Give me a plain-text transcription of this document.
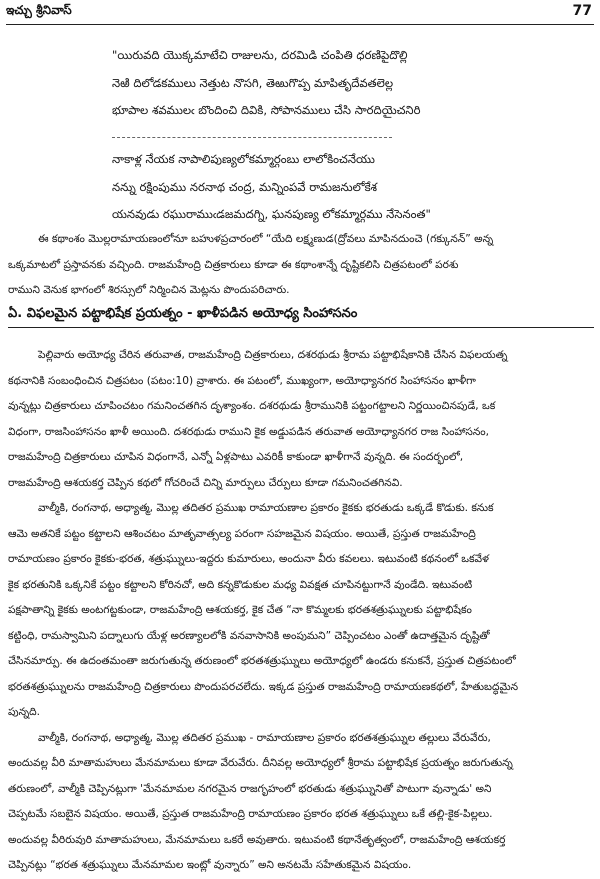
ఇచ్చు శ్రీనివాస్	77

"యిరువది యొక్కమాటేచి రాజులను, దరమిడి చంపితి ధరణిపైదొల్లి

నెఱి దిలోడకములు నెత్తుట నొసగి, తెఱుగొప్ప మాపితృదేవతలెల్ల

భూపాల శవములఁ బొందించి దివికి, సోపానములు చేసి సారదియైచనిరి

నాకాళ్ల నేయక నాపాలిపుణ్యలోకమ్మార్గంబు లాలోకించనేయు

నన్ను రక్షింపుము నరనాథ చంద్ర, మన్నింపవే రామజనులోకేశ

యనవుడు రఘురాముఁడజమదగ్ని, ఘనపుణ్య లోకమ్మార్గము నేసెనంత"

ఈ కథాంశం మొల్లరామాయణంలోనూ బహుళప్రచారంలో “యేది లక్ష్మణుడ(ద్రోవలు మాపినదుంచె (గక్కునన్” అన్న
ఒక్కమాటలో ప్రస్తావనకు వచ్చింది. రాజమహేంద్రి చిత్రకారులు కూడా ఈ కథాంశాన్నే దృష్టికలిసి చిత్రపటంలో పరశు
రాముని వెనుక భాగంలో శిరస్సులో నిర్మించిన మెట్లను పొందుపరిచారు.
ఏ. విఫలమైన పట్టాభిషేక ప్రయత్నం - ఖాళీపడిన అయోధ్య సింహాసనం
పెల్లివారు అయోధ్య చేరిన తరువాత, రాజమహేంద్రి చిత్రకారులు, దశరథుడు శ్రీరామ పట్టాభిషేకానికి చేసిన విఫలయత్న
కథనానికి సంబంధించిన చిత్రపటం (పటం:10) వ్రాశారు. ఈ పటంలో, ముఖ్యంగా, అయోధ్యానగర సింహాసనం ఖాళీగా
వున్నట్లు చిత్రకారులు చూపించటం గమనించతగిన దృశ్యాంశం. దశరథుడు శ్రీరామునికి పట్టంగట్టాలని నిర్ణయించినపుడే, ఒక
విధంగా, రాజసింహాసనం ఖాళీ అయింది. దశరథుడు రాముని కైక అడ్డుపడిన తరువాత అయోధ్యానగర రాజ సింహాసనం,
రాజమహేంద్రి చిత్రకారులు చూపిన విధంగానే, ఎన్నో ఏళ్లపాటు ఎవరికీ కాకుండా ఖాళీగానే వున్నది. ఈ సందర్భంలో,
రాజమహేంద్రి ఆశయకర్త చెప్పిన కథలో గోచరించే చిన్ని మార్పులు చేర్పులు కూడా గమనించతగినవి.
వాల్మీకి, రంగనాథ, అధ్యాత్మ, మొల్ల తదితర ప్రముఖ రామాయణాల ప్రకారం కైకకు భరతుడు ఒక్కడే కొడుకు. కనుక
ఆమె అతనికే పట్టం కట్టాలని ఆశించటం మాతృవాత్సల్య పరంగా సహజమైన విషయం. అయితే, ప్రస్తుత రాజమహేంద్రి
రామాయణం ప్రకారం కైకకు-భరత, శత్రుఘ్నులు-ఇద్దరు కుమారులు, అందునా వీరు కవలలు. ఇటువంటి కథనంలో ఒకవేళ
కైక భరతునికి ఒక్కనికే పట్టం కట్టాలని కోరినచో, అది కన్నకొడుకుల మధ్య వివక్షత చూపినట్టుగానే వుండేది. ఇటువంటి
పక్షపాతాన్ని కైకకు అంటగట్టకుండా, రాజమహేంద్రి ఆశయకర్త, కైక చేత “నా కొమ్మలకు భరతశత్రుఘ్నులకు పట్టాభిషేకం
కట్టింధి, రామస్వామిని పద్నాలుగు యేళ్ల అరణ్యాలలోకి వనవాసానికి అంపుమని” చెప్పించటం ఎంతో ఉదాత్తమైన దృష్టితో
చేసినమార్పు. ఈ ఉదంతమంతా జరుగుతున్న తరుణంలో భరతశత్రుఘ్నులు అయోధ్యలో ఉండరు కనుకనే, ప్రస్తుత చిత్రపటంలో
భరతశత్రుఘ్నులను రాజమహేంద్రి చిత్రకారులు పొందుపరచలేదు. ఇక్కడ ప్రస్తుత రాజమహేంద్రి రామాయణకథలో, హేతుబద్ధమైన
పున్నది.
వాల్మీకి, రంగనాథ, అధ్యాత్మ, మొల్ల తదితర ప్రముఖ - రామాయణాల ప్రకారం భరతశత్రుఘ్నుల తల్లులు వేరువేరు,
అందువల్ల వీరి మాతామహులు మేనమామలు కూడా వేరువేరు. దీనివల్ల అయోధ్యలో శ్రీరామ పట్టాభిషేక ప్రయత్నం జరుగుతున్న
తరుణంలో, వాల్మీకి చెప్పినట్లుగా 'మేనమామల నగరమైన రాజగృహంలో భరతుడు శత్రుఘ్నునితో పాటుగా వున్నాడు' అని
చెప్పటమే సబబైన విషయం. అయితే, ప్రస్తుత రాజమహేంద్రి రామాయణం ప్రకారం భరత శత్రుఘ్నులు ఒకే తల్లి-కైక-పిల్లలు.
అందువల్ల వీరిరువురి మాతామహులు, మేనమామలు ఒకరే అవుతారు. ఇటువంటి కథానేతృత్వంలో, రాజమహేంద్రి ఆశయకర్త
చెప్పినట్లు “భరత శత్రుఘ్నులు మేనమామల ఇంట్లో వున్నారు” అని అనటమే సహేతుకమైన విషయం.
